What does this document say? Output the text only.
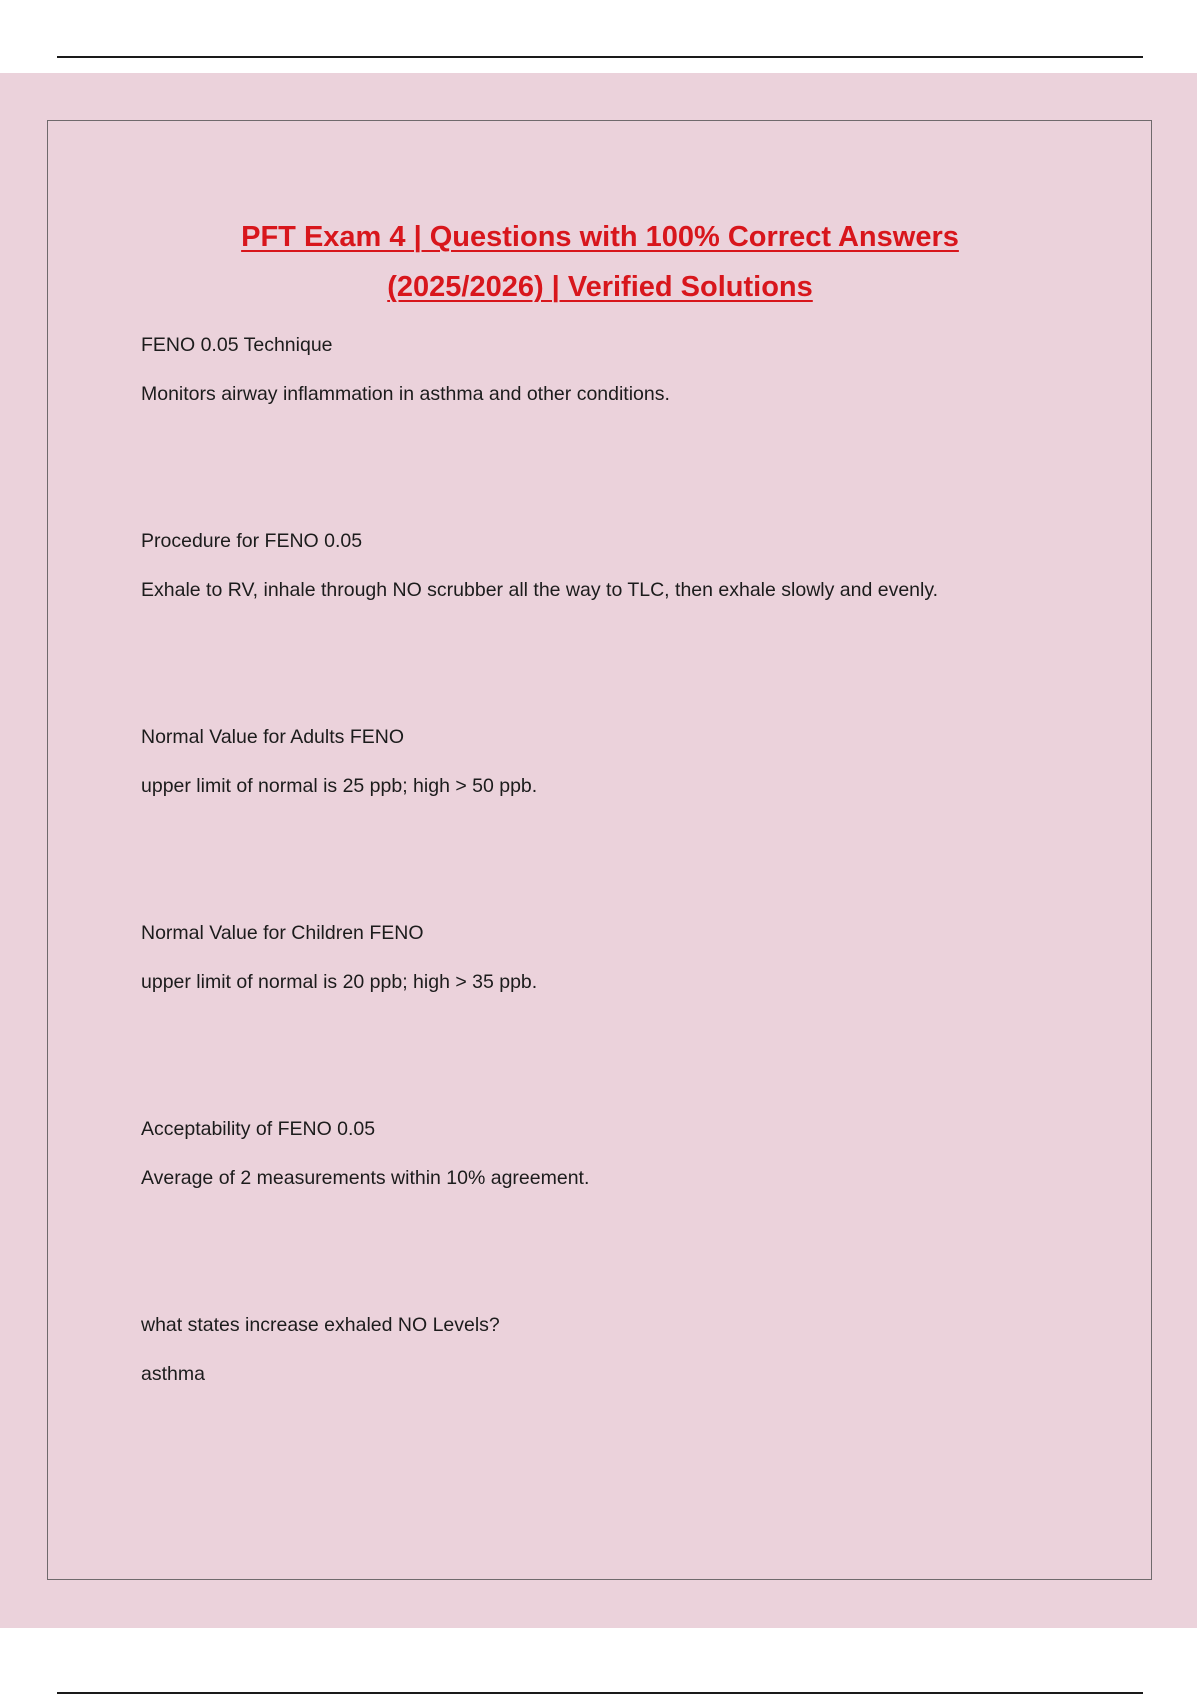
PFT Exam 4 | Questions with 100% Correct Answers
(2025/2026) | Verified Solutions
FENO 0.05 Technique
Monitors airway inflammation in asthma and other conditions.
Procedure for FENO 0.05
Exhale to RV, inhale through NO scrubber all the way to TLC, then exhale slowly and evenly.
Normal Value for Adults FENO
upper limit of normal is 25 ppb; high > 50 ppb.
Normal Value for Children FENO
upper limit of normal is 20 ppb; high > 35 ppb.
Acceptability of FENO 0.05
Average of 2 measurements within 10% agreement.
what states increase exhaled NO Levels?
asthma
